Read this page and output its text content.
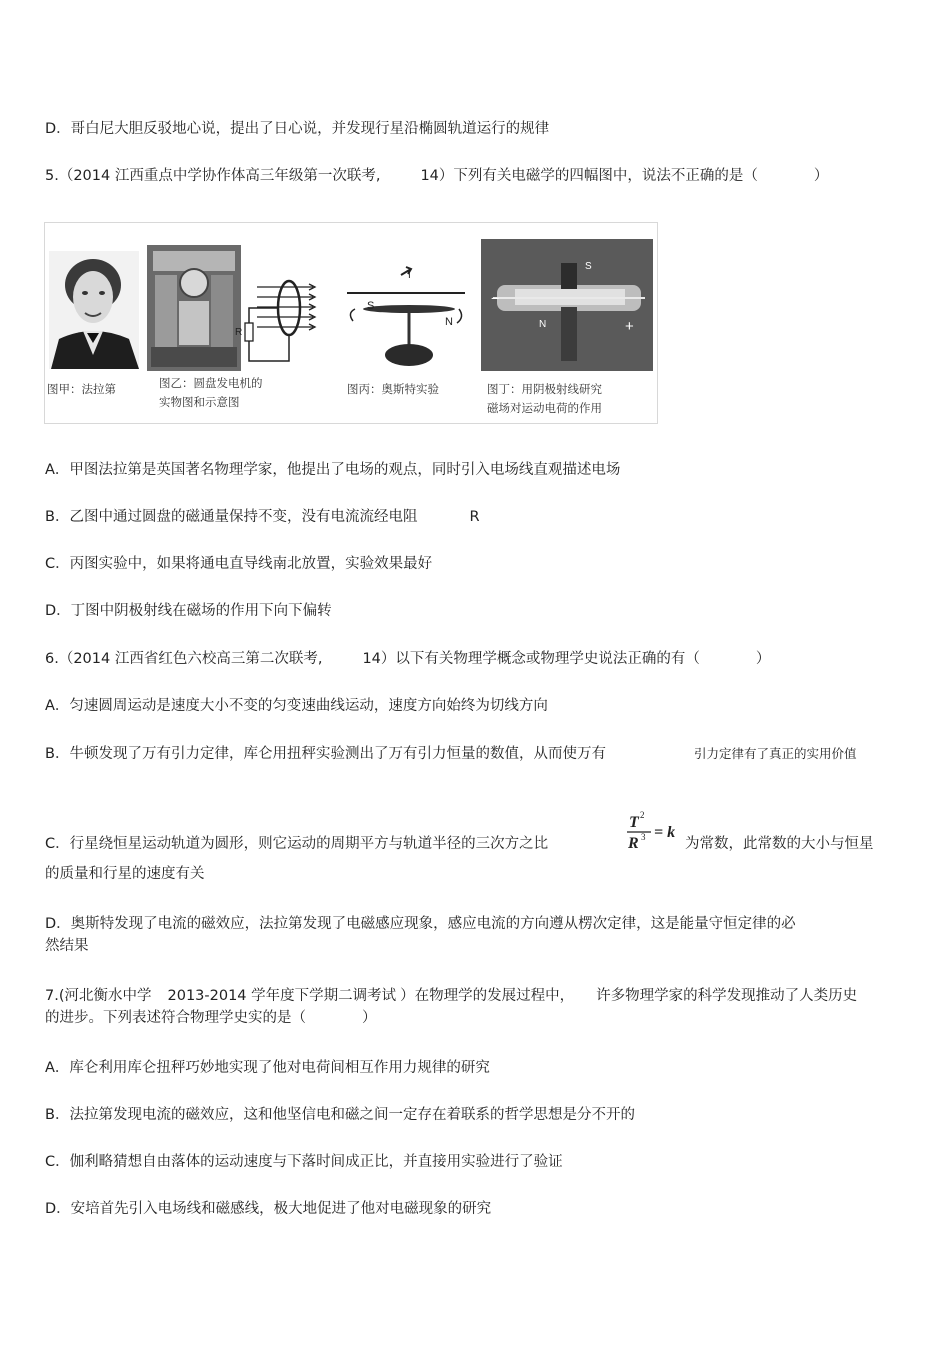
D．哥白尼大胆反驳地心说，提出了日心说，并发现行星沿椭圆轨道运行的规律
5.（2014 江西重点中学协作体高三年级第一次联考,	14）下列有关电磁学的四幅图中，说法不正确的是（	）
R
S
N
I
S
N
−
+
图甲：法拉第	图乙：圆盘发电机的
实物图和示意图
图丙：奥斯特实验	图丁：用阴极射线研究
磁场对运动电荷的作用
A．甲图法拉第是英国著名物理学家，他提出了电场的观点，同时引入电场线直观描述电场
B．乙图中通过圆盘的磁通量保持不变，没有电流流经电阻	R
C．丙图实验中，如果将通电直导线南北放置，实验效果最好
D．丁图中阴极射线在磁场的作用下向下偏转
6.（2014 江西省红色六校高三第二次联考,	14）以下有关物理学概念或物理学史说法正确的有（	）
A．匀速圆周运动是速度大小不变的匀变速曲线运动，速度方向始终为切线方向
B．牛顿发现了万有引力定律，库仑用扭秤实验测出了万有引力恒量的数值，从而使万有	引力定律有了真正的实用价值
C．行星绕恒星运动轨道为圆形，则它运动的周期平方与轨道半径的三次方之比
T 2
R 3 = k
为常数，此常数的大小与恒星
的质量和行星的速度有关
D．奥斯特发现了电流的磁效应，法拉第发现了电磁感应现象，感应电流的方向遵从楞次定律，这是能量守恒定律的必
然结果
7.(河北衡水中学 2013-2014 学年度下学期二调考试 ）在物理学的发展过程中， 许多物理学家的科学发现推动了人类历史
的进步。下列表述符合物理学史实的是（	）
A．库仑利用库仑扭秤巧妙地实现了他对电荷间相互作用力规律的研究
B．法拉第发现电流的磁效应，这和他坚信电和磁之间一定存在着联系的哲学思想是分不开的
C．伽利略猜想自由落体的运动速度与下落时间成正比，并直接用实验进行了验证
D．安培首先引入电场线和磁感线，极大地促进了他对电磁现象的研究
